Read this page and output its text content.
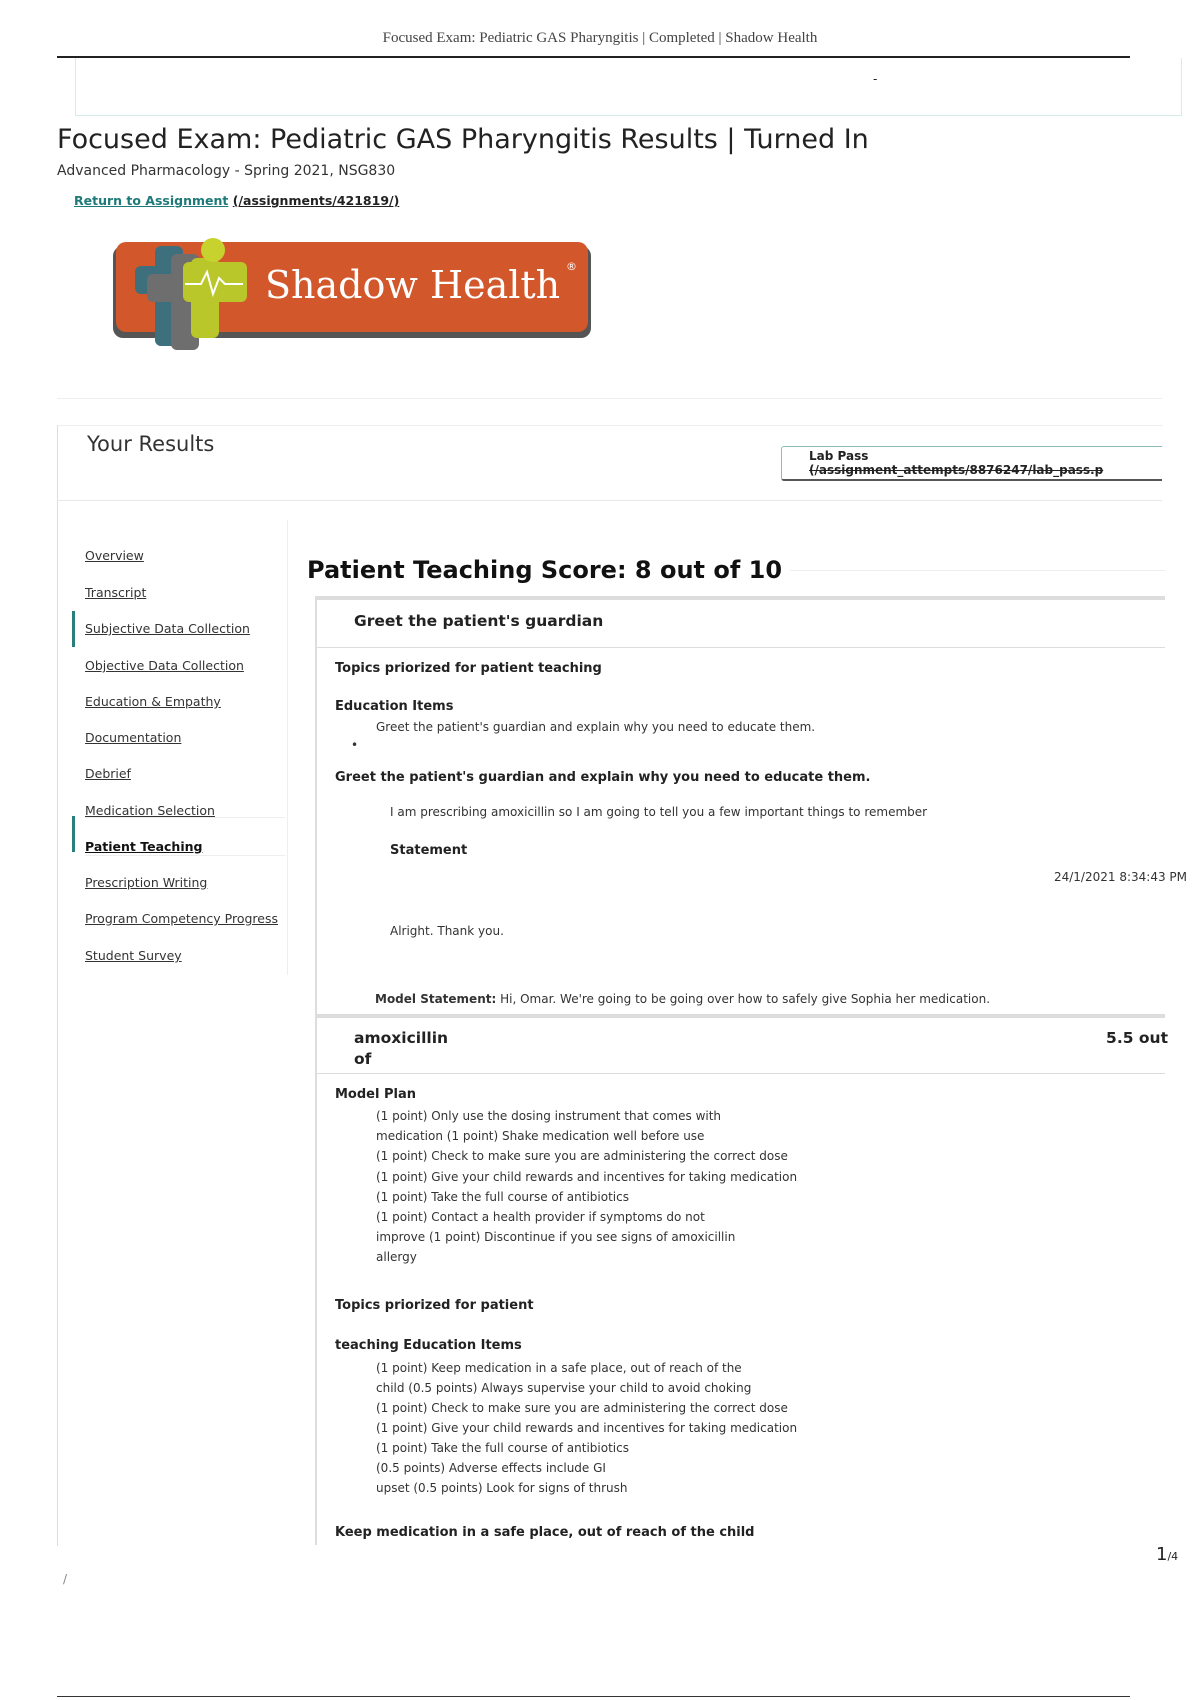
Focused Exam: Pediatric GAS Pharyngitis | Completed | Shadow Health
-
Focused Exam: Pediatric GAS Pharyngitis Results | Turned In
Advanced Pharmacology - Spring 2021, NSG830
Return to Assignment (/assignments/421819/)
Shadow Health ®
Your Results	Lab Pass
(/assignment_attempts/8876247/lab_pass.p
Overview
Transcript
Subjective Data Collection
Objective Data Collection
Education & Empathy
Documentation
Debrief
Medication Selection
Patient Teaching
Prescription Writing
Program Competency Progress
Student Survey
Patient Teaching Score: 8 out of 10
Greet the patient's guardian
Topics priorized for patient teaching
Education Items
Greet the patient's guardian and explain why you need to educate them.
•
Greet the patient's guardian and explain why you need to educate them.
I am prescribing amoxicillin so I am going to tell you a few important things to remember
Statement
24/1/2021 8:34:43 PM
Alright. Thank you.
Model Statement: Hi, Omar. We're going to be going over how to safely give Sophia her medication.
amoxicillin
of
5.5 out
Model Plan
(1 point) Only use the dosing instrument that comes with
medication (1 point) Shake medication well before use
(1 point) Check to make sure you are administering the correct dose
(1 point) Give your child rewards and incentives for taking medication
(1 point) Take the full course of antibiotics
(1 point) Contact a health provider if symptoms do not
improve (1 point) Discontinue if you see signs of amoxicillin
allergy
Topics priorized for patient
teaching Education Items
(1 point) Keep medication in a safe place, out of reach of the
child (0.5 points) Always supervise your child to avoid choking
(1 point) Check to make sure you are administering the correct dose
(1 point) Give your child rewards and incentives for taking medication
(1 point) Take the full course of antibiotics
(0.5 points) Adverse effects include GI
upset (0.5 points) Look for signs of thrush
Keep medication in a safe place, out of reach of the child
1/4
/
